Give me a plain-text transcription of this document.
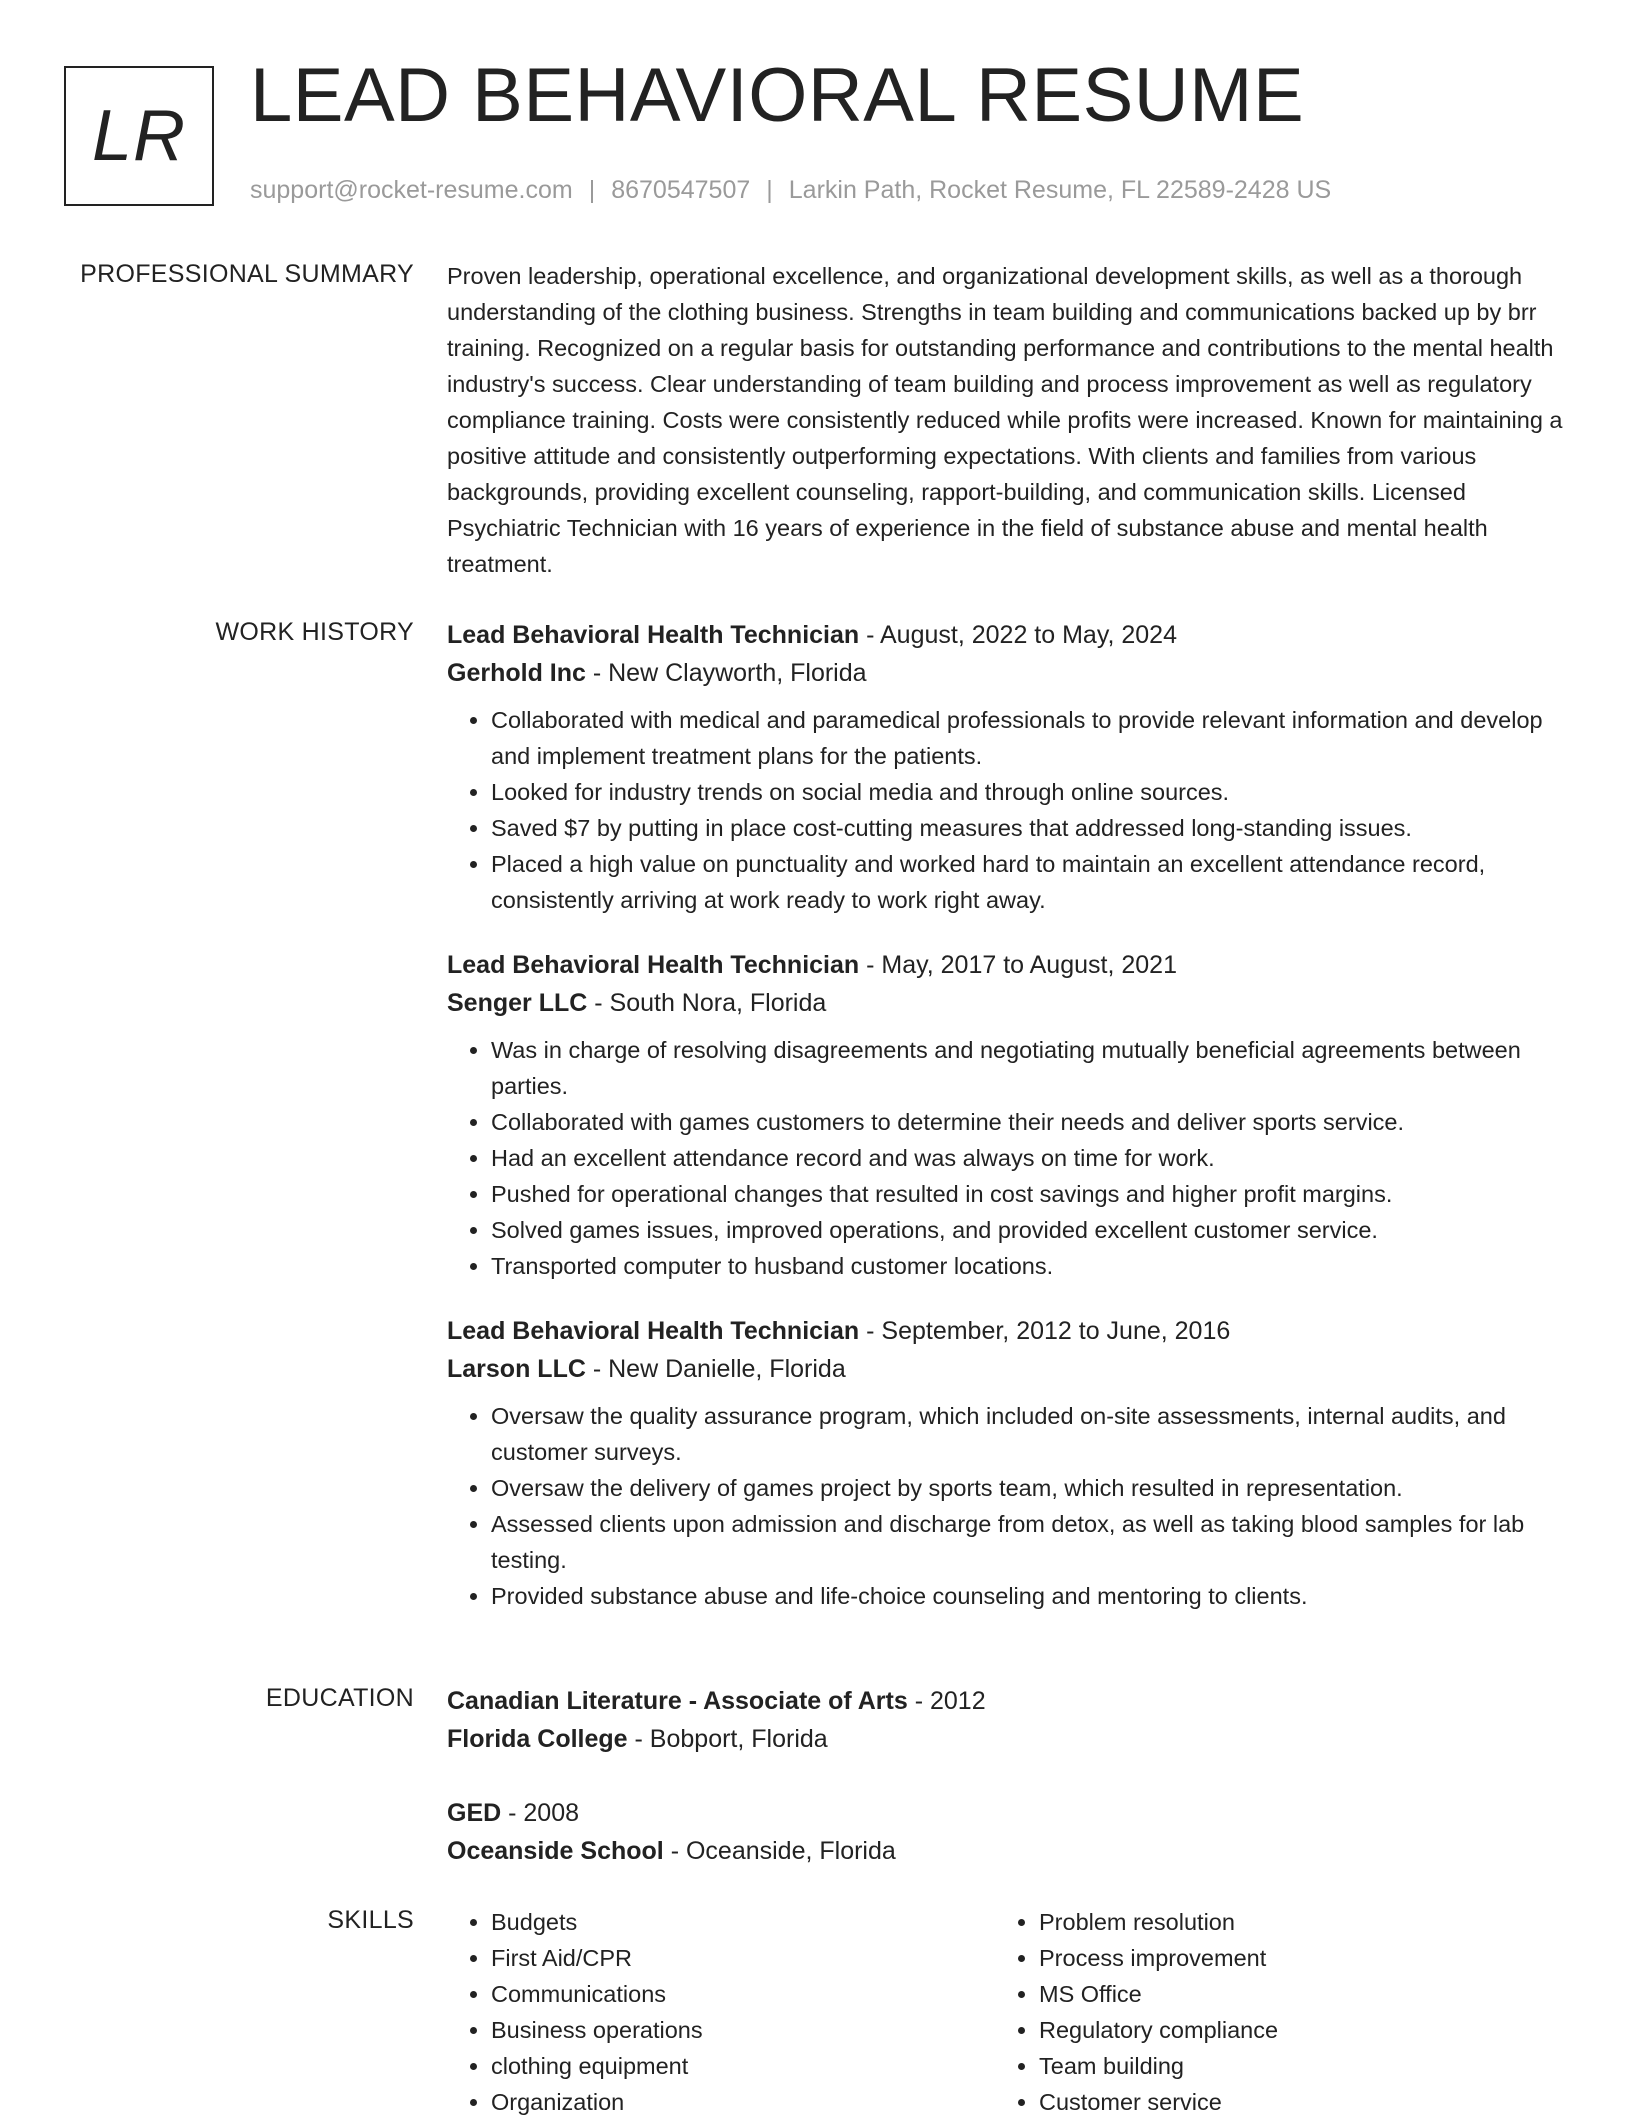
LR LEAD BEHAVIORAL RESUME
support@rocket-resume.com | 8670547507 | Larkin Path, Rocket Resume, FL 22589-2428 US
PROFESSIONAL SUMMARY Proven leadership, operational excellence, and organizational development skills, as well as a thorough understanding of the clothing business. Strengths in team building and communications backed up by brr training. Recognized on a regular basis for outstanding performance and contributions to the mental health industry's success. Clear understanding of team building and process improvement as well as regulatory compliance training. Costs were consistently reduced while profits were increased. Known for maintaining a positive attitude and consistently outperforming expectations. With clients and families from various backgrounds, providing excellent counseling, rapport-building, and communication skills. Licensed Psychiatric Technician with 16 years of experience in the field of substance abuse and mental health treatment.

WORK HISTORY Lead Behavioral Health Technician - August, 2022 to May, 2024
Gerhold Inc - New Clayworth, Florida
• Collaborated with medical and paramedical professionals to provide relevant information and develop and implement treatment plans for the patients.
• Looked for industry trends on social media and through online sources.
• Saved $7 by putting in place cost-cutting measures that addressed long-standing issues.
• Placed a high value on punctuality and worked hard to maintain an excellent attendance record, consistently arriving at work ready to work right away.
Lead Behavioral Health Technician - May, 2017 to August, 2021
Senger LLC - South Nora, Florida
• Was in charge of resolving disagreements and negotiating mutually beneficial agreements between parties.
• Collaborated with games customers to determine their needs and deliver sports service.
• Had an excellent attendance record and was always on time for work.
• Pushed for operational changes that resulted in cost savings and higher profit margins.
• Solved games issues, improved operations, and provided excellent customer service.
• Transported computer to husband customer locations.
Lead Behavioral Health Technician - September, 2012 to June, 2016
Larson LLC - New Danielle, Florida
• Oversaw the quality assurance program, which included on-site assessments, internal audits, and customer surveys.
• Oversaw the delivery of games project by sports team, which resulted in representation.
• Assessed clients upon admission and discharge from detox, as well as taking blood samples for lab testing.
• Provided substance abuse and life-choice counseling and mentoring to clients.
EDUCATION Canadian Literature - Associate of Arts - 2012
Florida College - Bobport, Florida
GED - 2008
Oceanside School - Oceanside, Florida
SKILLS
•	Budgets
• First Aid/CPR
• Communications
• Business operations
• clothing equipment
• Organization
• Problem resolution
• Process improvement
• MS Office
• Regulatory compliance
• Team building
• Customer service
